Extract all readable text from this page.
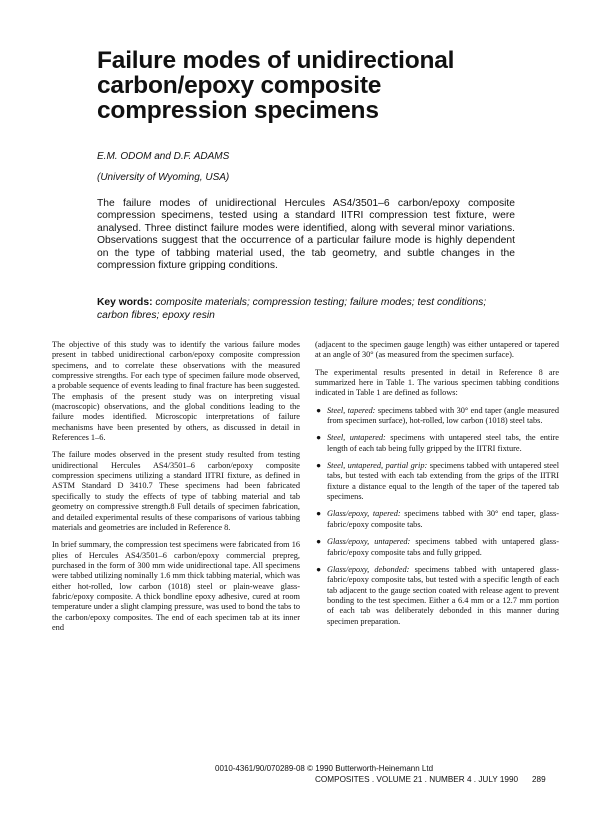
Failure modes of unidirectional carbon/epoxy composite compression specimens

E.M. ODOM and D.F. ADAMS

(University of Wyoming, USA)

The failure modes of unidirectional Hercules AS4/3501–6 carbon/epoxy composite compression specimens, tested using a standard IITRI compression test fixture, were analysed. Three distinct failure modes were identified, along with several minor variations. Observations suggest that the occurrence of a particular failure mode is highly dependent on the type of tabbing material used, the tab geometry, and subtle changes in the compression fixture gripping conditions.

Key words: composite materials; compression testing; failure modes; test conditions; carbon fibres; epoxy resin

The objective of this study was to identify the various failure modes present in tabbed unidirectional carbon/epoxy composite compression specimens, and to correlate these observations with the measured compressive strengths. For each type of specimen failure mode observed, a probable sequence of events leading to final fracture has been suggested. The emphasis of the present study was on interpreting visual (macroscopic) observations, and the global conditions leading to the failure modes identified. Microscopic interpretations of failure mechanisms have been presented by others, as discussed in detail in References 1–6.

The failure modes observed in the present study resulted from testing unidirectional Hercules AS4/3501–6 carbon/epoxy composite compression specimens utilizing a standard IITRI fixture, as defined in ASTM Standard D 3410.7 These specimens had been fabricated specifically to study the effects of type of tabbing material and tab geometry on compressive strength.8 Full details of specimen fabrication, and detailed experimental results of these comparisons of various tabbing materials and geometries are included in Reference 8.

In brief summary, the compression test specimens were fabricated from 16 plies of Hercules AS4/3501–6 carbon/epoxy commercial prepreg, purchased in the form of 300 mm wide unidirectional tape. All specimens were tabbed utilizing nominally 1.6 mm thick tabbing material, which was either hot-rolled, low carbon (1018) steel or plain-weave glass-fabric/epoxy composite. A thick bondline epoxy adhesive, cured at room temperature under a slight clamping pressure, was used to bond the tabs to the carbon/epoxy composites. The end of each specimen tab at its inner end

(adjacent to the specimen gauge length) was either untapered or tapered at an angle of 30° (as measured from the specimen surface).

The experimental results presented in detail in Reference 8 are summarized here in Table 1. The various specimen tabbing conditions indicated in Table 1 are defined as follows:

● Steel, tapered: specimens tabbed with 30° end taper (angle measured from specimen surface), hot-rolled, low carbon (1018) steel tabs.
● Steel, untapered: specimens with untapered steel tabs, the entire length of each tab being fully gripped by the IITRI fixture.
● Steel, untapered, partial grip: specimens tabbed with untapered steel tabs, but tested with each tab extending from the grips of the IITRI fixture a distance equal to the length of the taper of the tapered tab specimens.
● Glass/epoxy, tapered: specimens tabbed with 30° end taper, glass-fabric/epoxy composite tabs.
● Glass/epoxy, untapered: specimens tabbed with untapered glass-fabric/epoxy composite tabs and fully gripped.
● Glass/epoxy, debonded: specimens tabbed with untapered glass-fabric/epoxy composite tabs, but tested with a specific length of each tab adjacent to the gauge section coated with release agent to prevent bonding to the test specimen. Either a 6.4 mm or a 12.7 mm portion of each tab was deliberately debonded in this manner during specimen preparation.

0010-4361/90/070289-08 © 1990 Butterworth-Heinemann Ltd

COMPOSITES . VOLUME 21 . NUMBER 4 . JULY 1990 289
